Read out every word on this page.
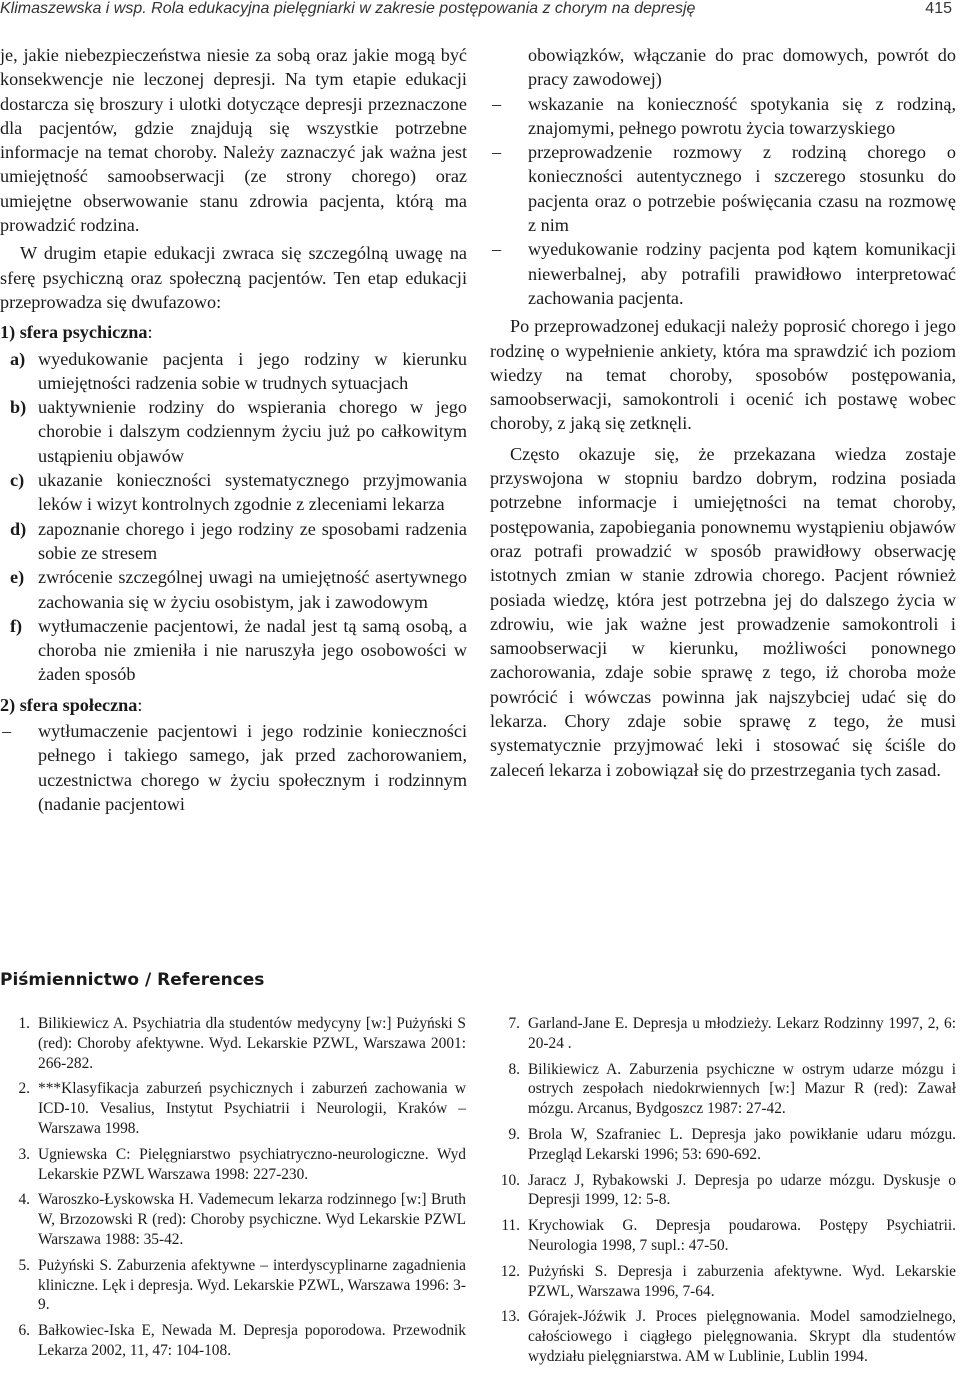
Klimaszewska i wsp. Rola edukacyjna pielęgniarki w zakresie postępowania z chorym na depresję	415

je, jakie niebezpieczeństwa niesie za sobą oraz jakie mogą być konsekwencje nie leczonej depresji. Na tym etapie edukacji dostarcza się broszury i ulotki dotyczące depresji przeznaczone dla pacjentów, gdzie znajdują się wszystkie potrzebne informacje na temat choroby. Należy zaznaczyć jak ważna jest umiejętność samoobserwacji (ze strony chorego) oraz umiejętne obserwowanie stanu zdrowia pacjenta, którą ma prowadzić rodzina.

W drugim etapie edukacji zwraca się szczególną uwagę na sferę psychiczną oraz społeczną pacjentów. Ten etap edukacji przeprowadza się dwufazowo:

1) sfera psychiczna:

a) wyedukowanie pacjenta i jego rodziny w kierunku umiejętności radzenia sobie w trudnych sytuacjach
b) uaktywnienie rodziny do wspierania chorego w jego chorobie i dalszym codziennym życiu już po całkowitym ustąpieniu objawów
c) ukazanie konieczności systematycznego przyjmowania leków i wizyt kontrolnych zgodnie z zleceniami lekarza
d) zapoznanie chorego i jego rodziny ze sposobami radzenia sobie ze stresem
e) zwrócenie szczególnej uwagi na umiejętność asertywnego zachowania się w życiu osobistym, jak i zawodowym
f) wytłumaczenie pacjentowi, że nadal jest tą samą osobą, a choroba nie zmieniła i nie naruszyła jego osobowości w żaden sposób

2) sfera społeczna:

– wytłumaczenie pacjentowi i jego rodzinie konieczności pełnego i takiego samego, jak przed zachorowaniem, uczestnictwa chorego w życiu społecznym i rodzinnym (nadanie pacjentowi
obowiązków, włączanie do prac domowych, powrót do pracy zawodowej)
– wskazanie na konieczność spotykania się z rodziną, znajomymi, pełnego powrotu życia towarzyskiego
– przeprowadzenie rozmowy z rodziną chorego o konieczności autentycznego i szczerego stosunku do pacjenta oraz o potrzebie poświęcania czasu na rozmowę z nim
– wyedukowanie rodziny pacjenta pod kątem komunikacji niewerbalnej, aby potrafili prawidłowo interpretować zachowania pacjenta.

Po przeprowadzonej edukacji należy poprosić chorego i jego rodzinę o wypełnienie ankiety, która ma sprawdzić ich poziom wiedzy na temat choroby, sposobów postępowania, samoobserwacji, samokontroli i ocenić ich postawę wobec choroby, z jaką się zetknęli.

Często okazuje się, że przekazana wiedza zostaje przyswojona w stopniu bardzo dobrym, rodzina posiada potrzebne informacje i umiejętności na temat choroby, postępowania, zapobiegania ponownemu wystąpieniu objawów oraz potrafi prowadzić w sposób prawidłowy obserwację istotnych zmian w stanie zdrowia chorego. Pacjent również posiada wiedzę, która jest potrzebna jej do dalszego życia w zdrowiu, wie jak ważne jest prowadzenie samokontroli i samoobserwacji w kierunku, możliwości ponownego zachorowania, zdaje sobie sprawę z tego, iż choroba może powrócić i wówczas powinna jak najszybciej udać się do lekarza. Chory zdaje sobie sprawę z tego, że musi systematycznie przyjmować leki i stosować się ściśle do zaleceń lekarza i zobowiązał się do przestrzegania tych zasad.

Piśmiennictwo / References
1. Bilikiewicz A. Psychiatria dla studentów medycyny [w:] Pużyński S (red): Choroby afektywne. Wyd. Lekarskie PZWL, Warszawa 2001: 266-282.
2. ***Klasyfikacja zaburzeń psychicznych i zaburzeń zachowania w ICD-10. Vesalius, Instytut Psychiatrii i Neurologii, Kraków – Warszawa 1998.
3. Ugniewska C: Pielęgniarstwo psychiatryczno-neurologiczne. Wyd Lekarskie PZWL Warszawa 1998: 227-230.
4. Waroszko-Łyskowska H. Vademecum lekarza rodzinnego [w:] Bruth W, Brzozowski R (red): Choroby psychiczne. Wyd Lekarskie PZWL Warszawa 1988: 35-42.
5. Pużyński S. Zaburzenia afektywne – interdyscyplinarne zagadnienia kliniczne. Lęk i depresja. Wyd. Lekarskie PZWL, Warszawa 1996: 3-9.
6. Bałkowiec-Iska E, Newada M. Depresja poporodowa. Przewodnik Lekarza 2002, 11, 47: 104-108.
7. Garland-Jane E. Depresja u młodzieży. Lekarz Rodzinny 1997, 2, 6: 20-24 .
8. Bilikiewicz A. Zaburzenia psychiczne w ostrym udarze mózgu i ostrych zespołach niedokrwiennych [w:] Mazur R (red): Zawał mózgu. Arcanus, Bydgoszcz 1987: 27-42.
9. Brola W, Szafraniec L. Depresja jako powikłanie udaru mózgu. Przegląd Lekarski 1996; 53: 690-692.
10. Jaracz J, Rybakowski J. Depresja po udarze mózgu. Dyskusje o Depresji 1999, 12: 5-8.
11. Krychowiak G. Depresja poudarowa. Postępy Psychiatrii. Neurologia 1998, 7 supl.: 47-50.
12. Pużyński S. Depresja i zaburzenia afektywne. Wyd. Lekarskie PZWL, Warszawa 1996, 7-64.
13. Górajek-Jóźwik J. Proces pielęgnowania. Model samodzielnego, całościowego i ciągłego pielęgnowania. Skrypt dla studentów wydziału pielęgniarstwa. AM w Lublinie, Lublin 1994.
